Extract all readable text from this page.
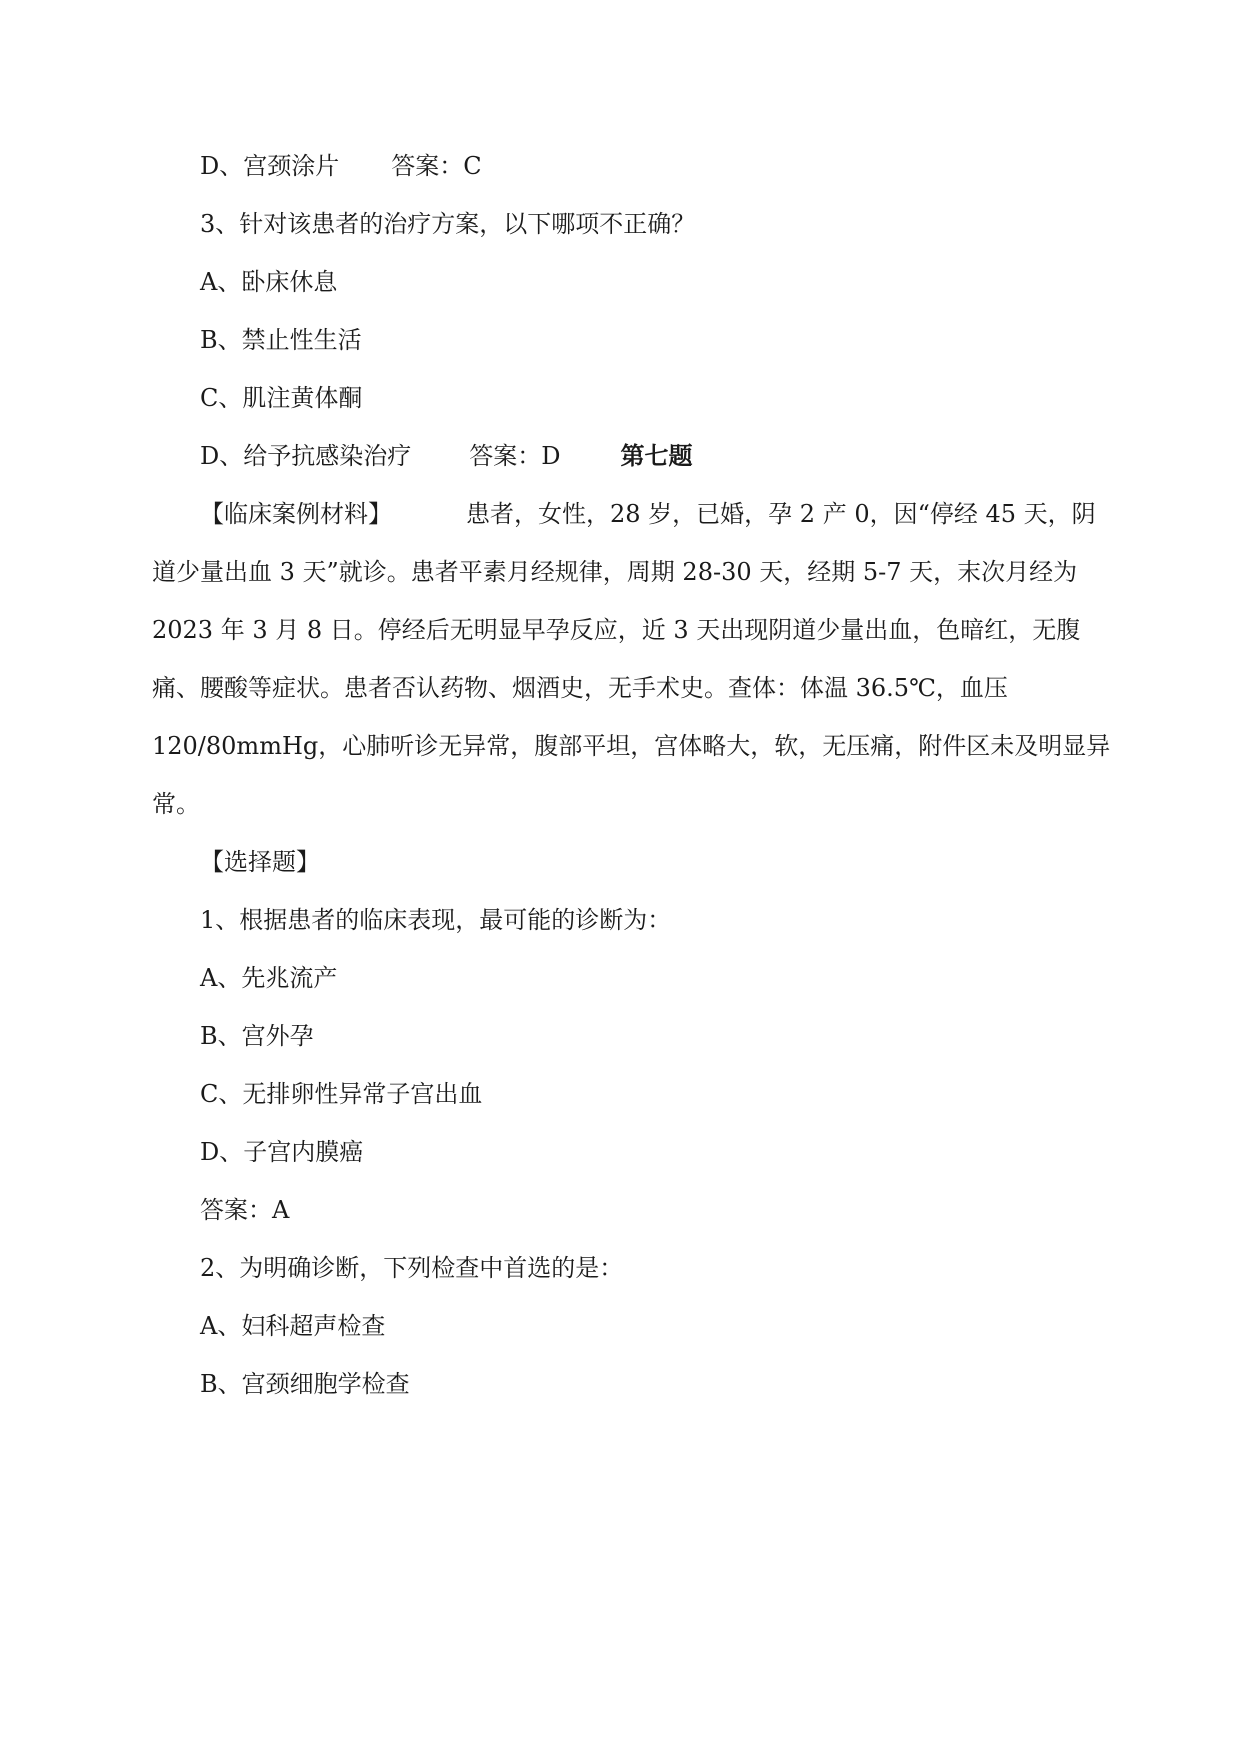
D、宫颈涂片 答案：C
3、针对该患者的治疗方案，以下哪项不正确？
A、卧床休息
B、禁止性生活
C、肌注黄体酮
D、给予抗感染治疗 答案：D	第七题
【临床案例材料】	患者，女性，28 岁，已婚，孕 2 产 0，因“停经 45 天，阴
道少量出血 3 天”就诊。患者平素月经规律，周期 28-30 天，经期 5-7 天，末次月经为
2023 年 3 月 8 日。停经后无明显早孕反应，近 3 天出现阴道少量出血，色暗红，无腹
痛、腰酸等症状。患者否认药物、烟酒史，无手术史。查体：体温 36.5℃，血压
120/80mmHg，心肺听诊无异常，腹部平坦，宫体略大，软，无压痛，附件区未及明显异
常。
【选择题】
1、根据患者的临床表现，最可能的诊断为：
A、先兆流产
B、宫外孕
C、无排卵性异常子宫出血
D、子宫内膜癌
答案：A
2、为明确诊断，下列检查中首选的是：
A、妇科超声检查
B、宫颈细胞学检查
